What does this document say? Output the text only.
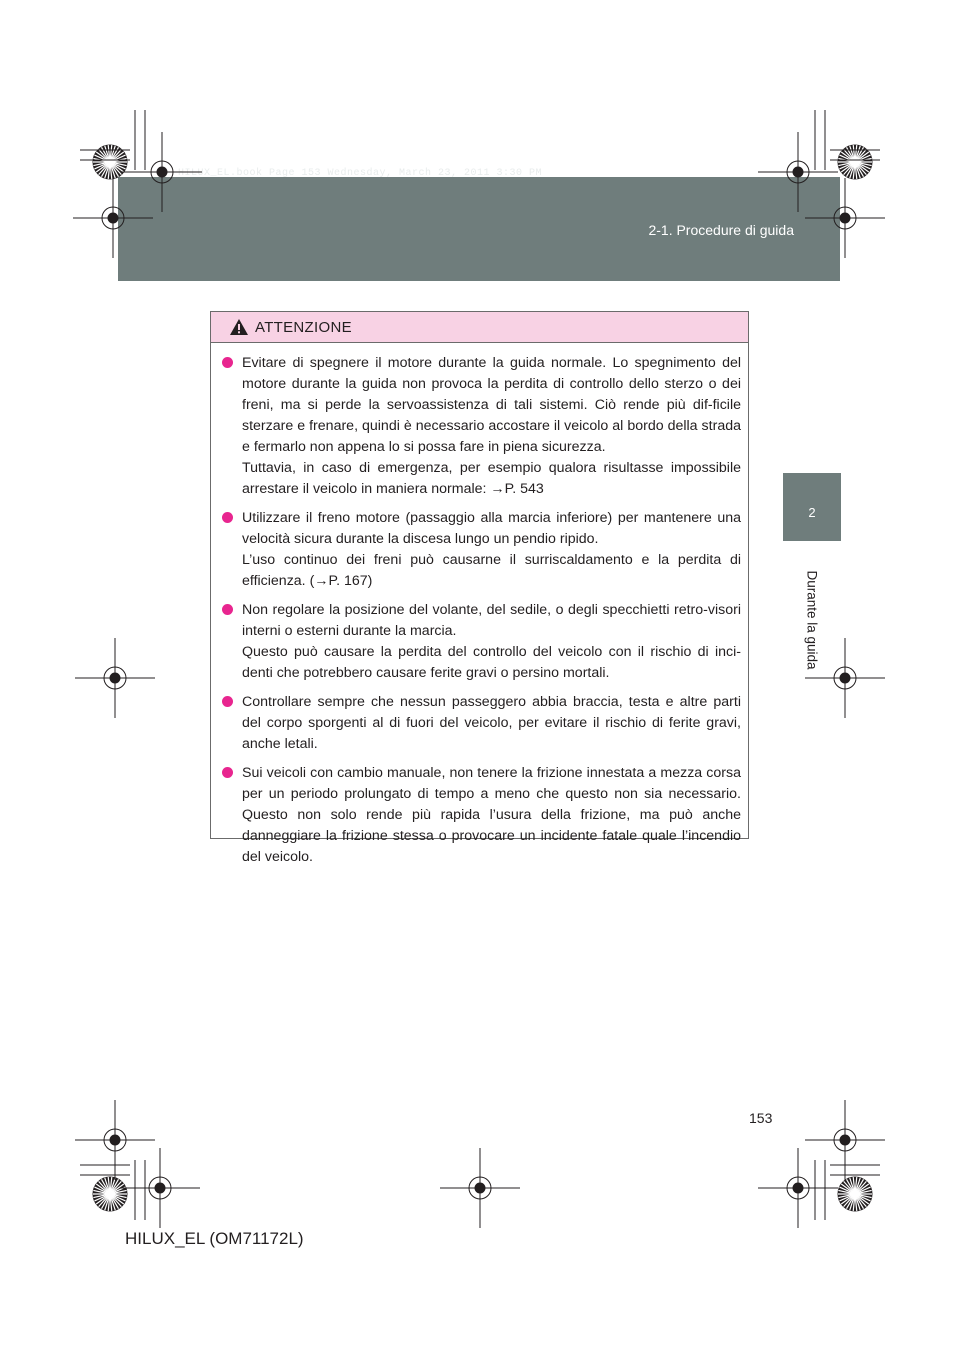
2-1. Procedure di guida
HILUX_EL.book Page 153 Wednesday, March 23, 2011 3:30 PM
2
Durante la guida
ATTENZIONE

Evitare di spegnere il motore durante la guida normale. Lo spegnimento del motore durante la guida non provoca la perdita di controllo dello sterzo o dei freni, ma si perde la servoassistenza di tali sistemi. Ciò rende più dif-ficile sterzare e frenare, quindi è necessario accostare il veicolo al bordo della strada e fermarlo non appena lo si possa fare in piena sicurezza.

Tuttavia, in caso di emergenza, per esempio qualora risultasse impossibile arrestare il veicolo in maniera normale: →P. 543

Utilizzare il freno motore (passaggio alla marcia inferiore) per mantenere una velocità sicura durante la discesa lungo un pendio ripido.

L’uso continuo dei freni può causarne il surriscaldamento e la perdita di efficienza. (→P. 167)

Non regolare la posizione del volante, del sedile, o degli specchietti retro-visori interni o esterni durante la marcia.

Questo può causare la perdita del controllo del veicolo con il rischio di inci-denti che potrebbero causare ferite gravi o persino mortali.

Controllare sempre che nessun passeggero abbia braccia, testa e altre parti del corpo sporgenti al di fuori del veicolo, per evitare il rischio di ferite gravi, anche letali.

Sui veicoli con cambio manuale, non tenere la frizione innestata a mezza corsa per un periodo prolungato di tempo a meno che questo non sia necessario. Questo non solo rende più rapida l’usura della frizione, ma può anche danneggiare la frizione stessa o provocare un incidente fatale quale l’incendio del veicolo.

153
HILUX_EL (OM71172L)
